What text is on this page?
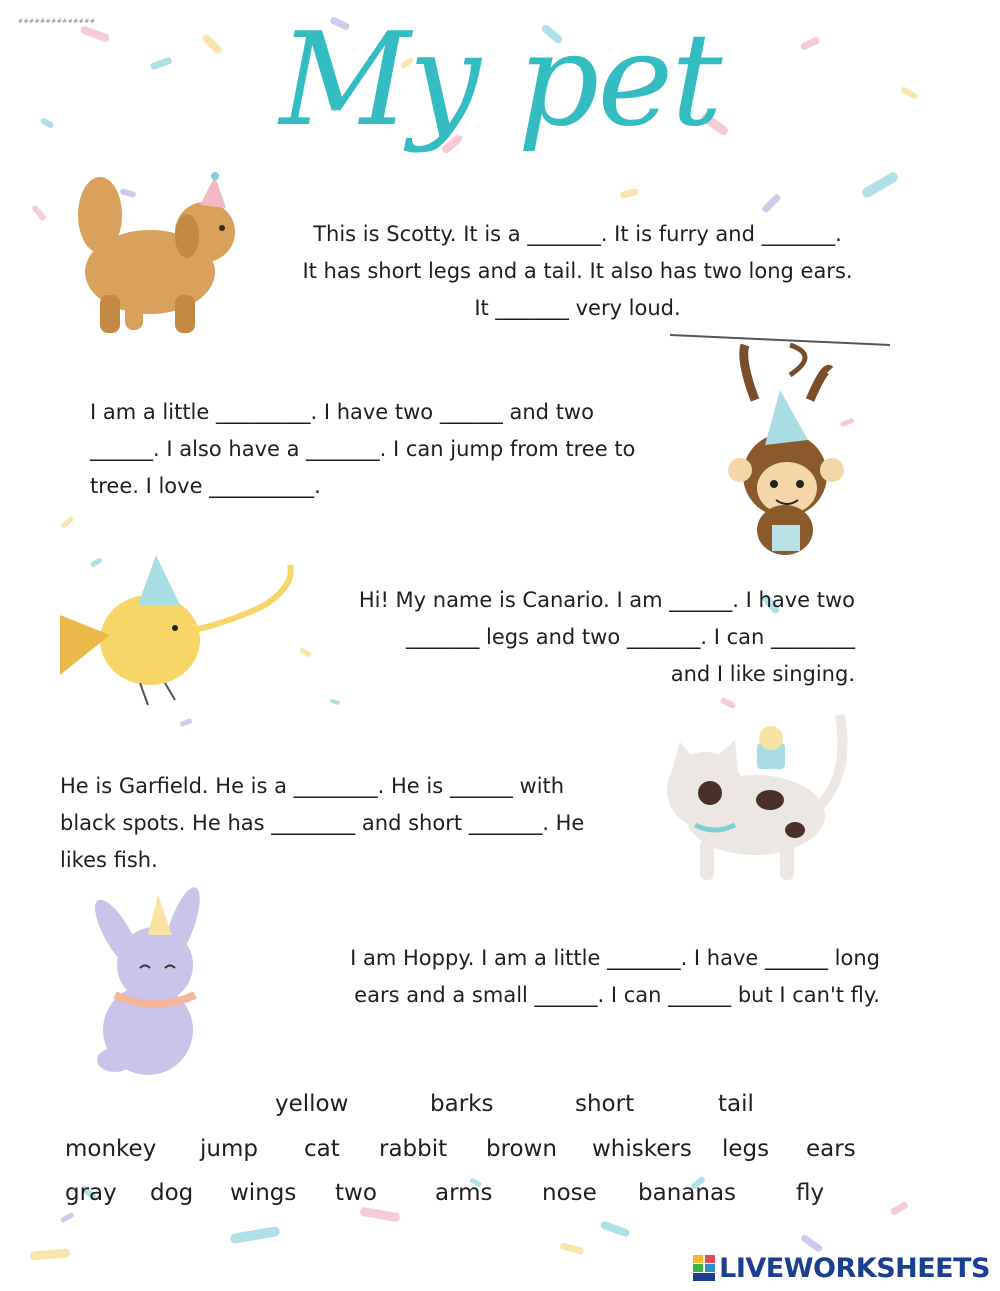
##############	My pet
This is Scotty. It is a _______. It is furry and _______.
It has short legs and a tail. It also has two long ears.
It _______ very loud.
I am a little _________. I have two ______ and two
______. I also have a _______. I can jump from tree to
tree. I love __________.
Hi! My name is Canario. I am ______. I have two
_______ legs and two _______. I can ________
and I like singing.
He is Garfield. He is a ________. He is ______ with
black spots. He has ________ and short _______. He
likes fish.
I am Hoppy. I am a little _______. I have ______ long
ears and a small ______. I can ______ but I can't fly.
yellow	barks	short	tail
monkey jump cat rabbit brown whiskers legs ears
gray dog wings two	arms nose bananas	fly
LIVEWORKSHEETS
